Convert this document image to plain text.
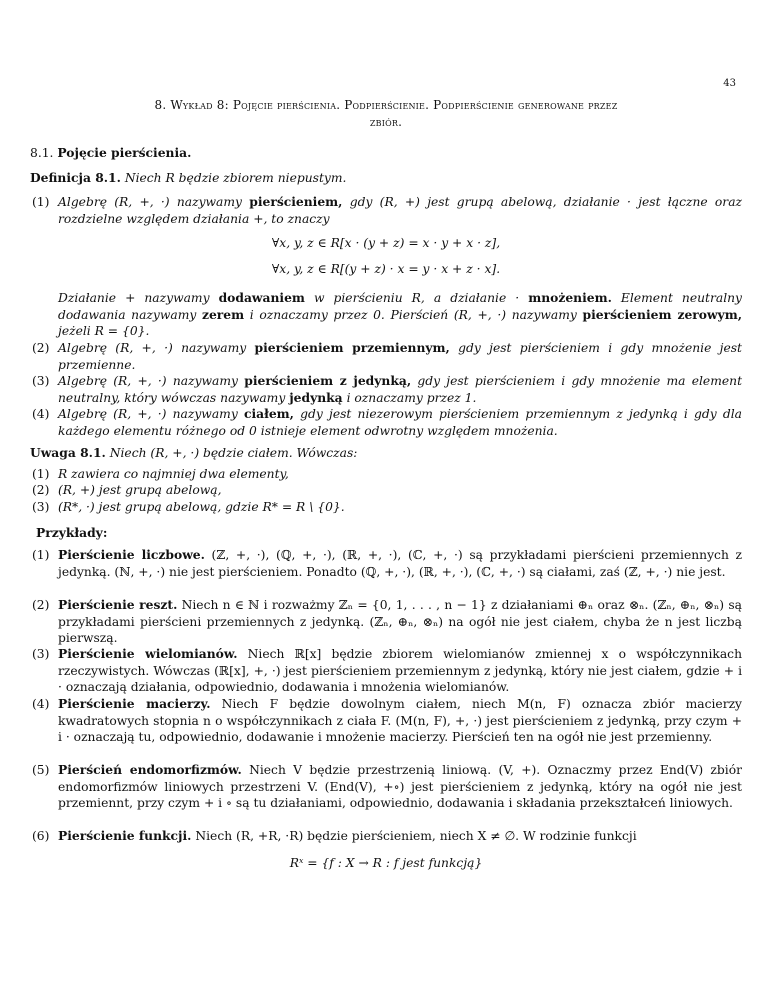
43
8. Wykład 8: Pojęcie pierścienia. Podpierścienie. Podpierścienie generowane przez
zbiór.
8.1. Pojęcie pierścienia.
Definicja 8.1. Niech R będzie zbiorem niepustym.
(1) Algebrę (R, +, ·) nazywamy pierścieniem, gdy (R, +) jest grupą abelową, działanie · jest łączne oraz rozdzielne względem działania +, to znaczy
∀x, y, z ∈ R[x · (y + z) = x · y + x · z],
∀x, y, z ∈ R[(y + z) · x = y · x + z · x].
Działanie + nazywamy dodawaniem w pierścieniu R, a działanie · mnożeniem. Element neutralny dodawania nazywamy zerem i oznaczamy przez 0. Pierścień (R, +, ·) nazywamy pierścieniem zerowym, jeżeli R = {0}.
(2) Algebrę (R, +, ·) nazywamy pierścieniem przemiennym, gdy jest pierścieniem i gdy mnożenie jest przemienne.
(3) Algebrę (R, +, ·) nazywamy pierścieniem z jedynką, gdy jest pierścieniem i gdy mnożenie ma element neutralny, który wówczas nazywamy jedynką i oznaczamy przez 1.
(4) Algebrę (R, +, ·) nazywamy ciałem, gdy jest niezerowym pierścieniem przemiennym z jedynką i gdy dla każdego elementu różnego od 0 istnieje element odwrotny względem mnożenia.
Uwaga 8.1. Niech (R, +, ·) będzie ciałem. Wówczas:
(1) R zawiera co najmniej dwa elementy,
(2) (R, +) jest grupą abelową,
(3) (R*, ·) jest grupą abelową, gdzie R* = R \ {0}.
Przykłady:
(1) Pierścienie liczbowe. (ℤ, +, ·), (ℚ, +, ·), (ℝ, +, ·), (ℂ, +, ·) są przykładami pierścieni przemiennych z jedynką. (ℕ, +, ·) nie jest pierścieniem. Ponadto (ℚ, +, ·), (ℝ, +, ·), (ℂ, +, ·) są ciałami, zaś (ℤ, +, ·) nie jest.
(2) Pierścienie reszt. Niech n ∈ ℕ i rozważmy ℤₙ = {0, 1, . . . , n − 1} z działaniami ⊕ₙ oraz ⊗ₙ. (ℤₙ, ⊕ₙ, ⊗ₙ) są przykładami pierścieni przemiennych z jedynką. (ℤₙ, ⊕ₙ, ⊗ₙ) na ogół nie jest ciałem, chyba że n jest liczbą pierwszą.
(3) Pierścienie wielomianów. Niech ℝ[x] będzie zbiorem wielomianów zmiennej x o współczynnikach rzeczywistych. Wówczas (ℝ[x], +, ·) jest pierścieniem przemiennym z jedynką, który nie jest ciałem, gdzie + i · oznaczają działania, odpowiednio, dodawania i mnożenia wielomianów.
(4) Pierścienie macierzy. Niech F będzie dowolnym ciałem, niech M(n, F) oznacza zbiór macierzy kwadratowych stopnia n o współczynnikach z ciała F. (M(n, F), +, ·) jest pierścieniem z jedynką, przy czym + i · oznaczają tu, odpowiednio, dodawanie i mnożenie macierzy. Pierścień ten na ogół nie jest przemienny.
(5) Pierścień endomorfizmów. Niech V będzie przestrzenią liniową. (V, +). Oznaczmy przez End(V) zbiór endomorfizmów liniowych przestrzeni V. (End(V), +∘) jest pierścieniem z jedynką, który na ogół nie jest przemiennt, przy czym + i ∘ są tu działaniami, odpowiednio, dodawania i składania przekształceń liniowych.
(6) Pierścienie funkcji. Niech (R, +R, ·R) będzie pierścieniem, niech X ≠ ∅. W rodzinie funkcji
Rˣ = {f : X → R : f jest funkcją}
